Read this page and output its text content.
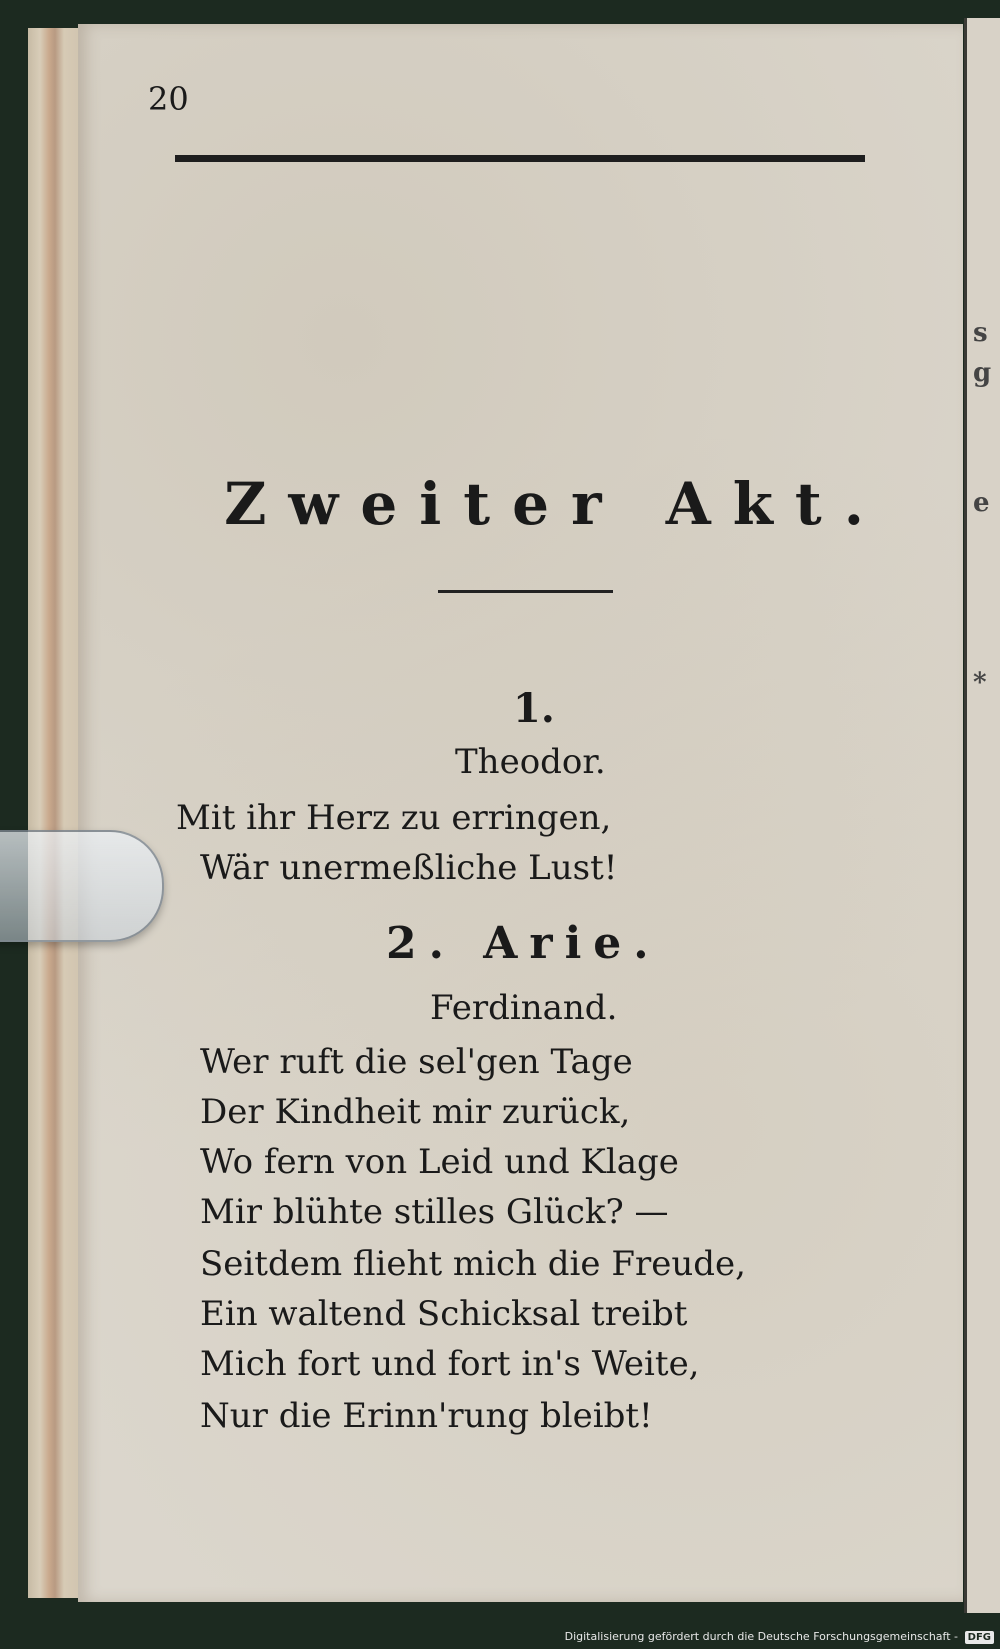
s
g
e
*
20
Zweiter Akt.
1.
Theodor.
Mit ihr Herz zu erringen,
Wär unermeßliche Lust!
2. Arie.
Ferdinand.
Wer ruft die sel'gen Tage
Der Kindheit mir zurück,
Wo fern von Leid und Klage
Mir blühte stilles Glück? —
Seitdem flieht mich die Freude,
Ein waltend Schicksal treibt
Mich fort und fort in's Weite,
Nur die Erinn'rung bleibt!
Digitalisierung gefördert durch die Deutsche Forschungsgemeinschaft - DFG
